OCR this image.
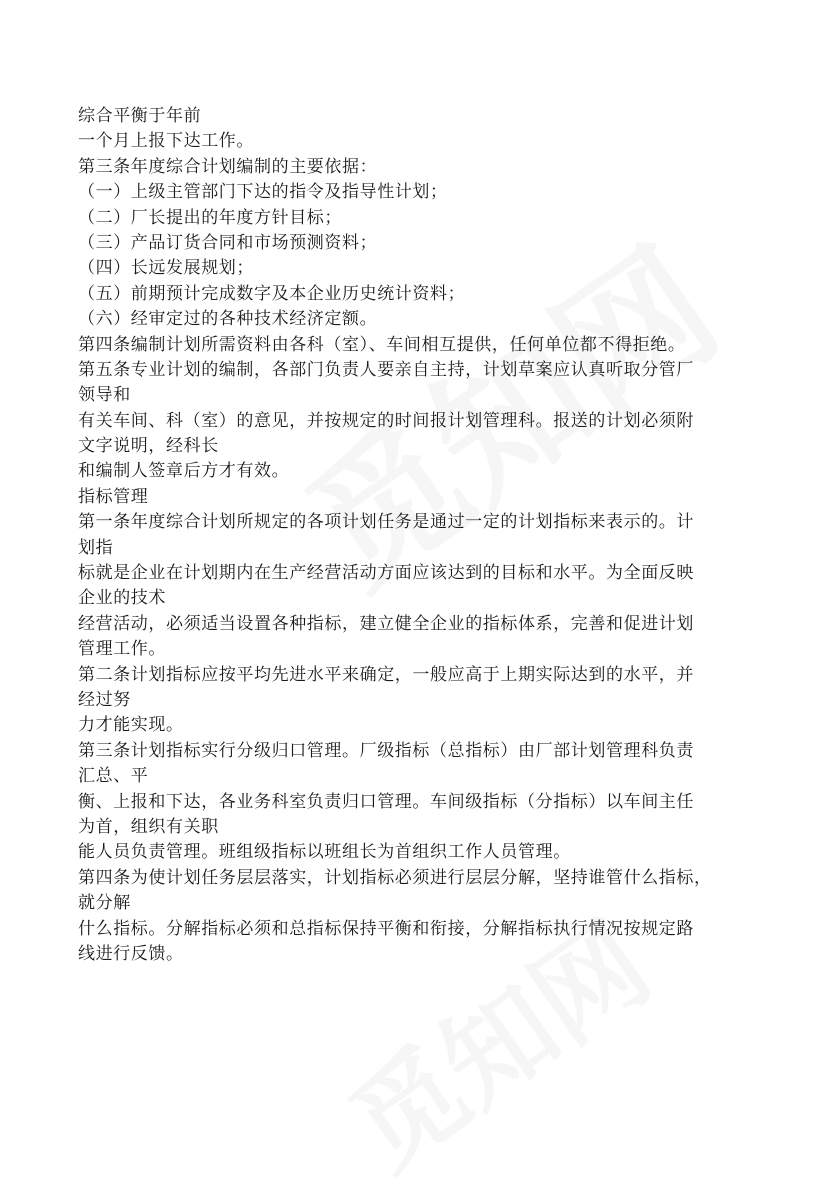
综合平衡于年前
一个月上报下达工作。
第三条年度综合计划编制的主要依据：
（一）上级主管部门下达的指令及指导性计划；
（二）厂长提出的年度方针目标；
（三）产品订货合同和市场预测资料；
（四）长远发展规划；
（五）前期预计完成数字及本企业历史统计资料；
（六）经审定过的各种技术经济定额。
第四条编制计划所需资料由各科（室）、车间相互提供，任何单位都不得拒绝。
第五条专业计划的编制，各部门负责人要亲自主持，计划草案应认真听取分管厂
领导和
有关车间、科（室）的意见，并按规定的时间报计划管理科。报送的计划必须附
文字说明，经科长
和编制人签章后方才有效。
指标管理
第一条年度综合计划所规定的各项计划任务是通过一定的计划指标来表示的。计
划指
标就是企业在计划期内在生产经营活动方面应该达到的目标和水平。为全面反映
企业的技术
经营活动，必须适当设置各种指标，建立健全企业的指标体系，完善和促进计划
管理工作。
第二条计划指标应按平均先进水平来确定，一般应高于上期实际达到的水平，并
经过努
力才能实现。
第三条计划指标实行分级归口管理。厂级指标（总指标）由厂部计划管理科负责
汇总、平
衡、上报和下达，各业务科室负责归口管理。车间级指标（分指标）以车间主任
为首，组织有关职
能人员负责管理。班组级指标以班组长为首组织工作人员管理。
第四条为使计划任务层层落实，计划指标必须进行层层分解，坚持谁管什么指标，
就分解
什么指标。分解指标必须和总指标保持平衡和衔接，分解指标执行情况按规定路
线进行反馈。
